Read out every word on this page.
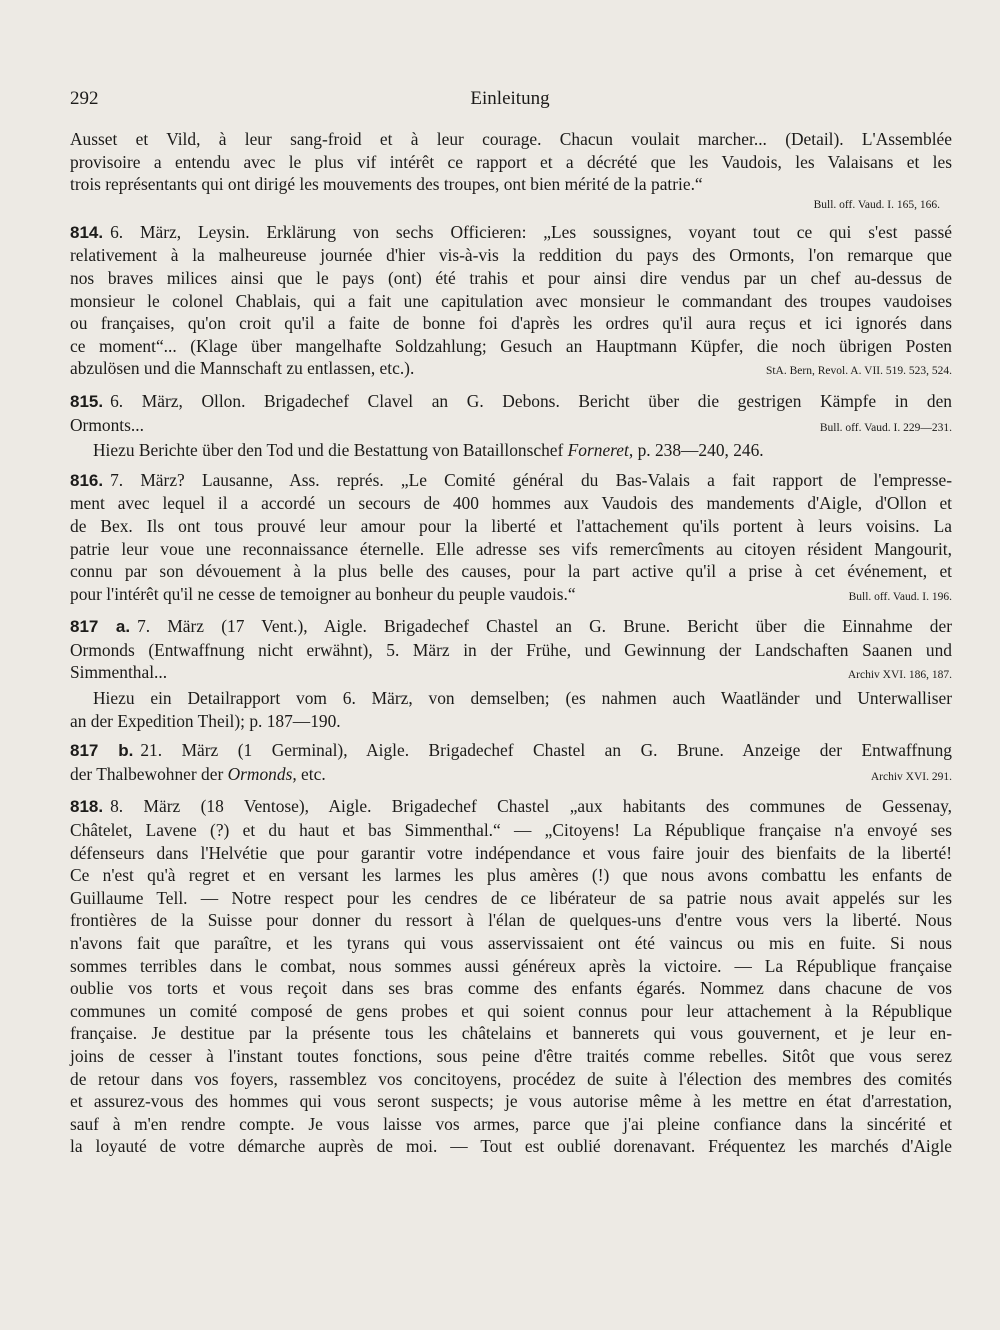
292	Einleitung
Ausset et Vild, à leur sang-froid et à leur courage. Chacun voulait marcher... (Detail). L'Assemblée
provisoire a entendu avec le plus vif intérêt ce rapport et a décrété que les Vaudois, les Valaisans et les
trois représentants qui ont dirigé les mouvements des troupes, ont bien mérité de la patrie.“
Bull. off. Vaud. I. 165, 166.
814. 6. März, Leysin. Erklärung von sechs Officieren: „Les soussignes, voyant tout ce qui s'est passé
relativement à la malheureuse journée d'hier vis-à-vis la reddition du pays des Ormonts, l'on remarque que
nos braves milices ainsi que le pays (ont) été trahis et pour ainsi dire vendus par un chef au-dessus de
monsieur le colonel Chablais, qui a fait une capitulation avec monsieur le commandant des troupes vaudoises
ou françaises, qu'on croit qu'il a faite de bonne foi d'après les ordres qu'il aura reçus et ici ignorés dans
ce moment“... (Klage über mangelhafte Soldzahlung; Gesuch an Hauptmann Küpfer, die noch übrigen Posten
abzulösen und die Mannschaft zu entlassen, etc.).	StA. Bern, Revol. A. VII. 519. 523, 524.
815. 6. März, Ollon. Brigadechef Clavel an G. Debons. Bericht über die gestrigen Kämpfe in den
Ormonts...	Bull. off. Vaud. I. 229—231.
Hiezu Berichte über den Tod und die Bestattung von Bataillonschef Forneret, p. 238—240, 246.
816. 7. März? Lausanne, Ass. représ. „Le Comité général du Bas-Valais a fait rapport de l'empresse-
ment avec lequel il a accordé un secours de 400 hommes aux Vaudois des mandements d'Aigle, d'Ollon et
de Bex. Ils ont tous prouvé leur amour pour la liberté et l'attachement qu'ils portent à leurs voisins. La
patrie leur voue une reconnaissance éternelle. Elle adresse ses vifs remercîments au citoyen résident Mangourit,
connu par son dévouement à la plus belle des causes, pour la part active qu'il a prise à cet événement, et
pour l'intérêt qu'il ne cesse de temoigner au bonheur du peuple vaudois.“	Bull. off. Vaud. I. 196.
817 a. 7. März (17 Vent.), Aigle. Brigadechef Chastel an G. Brune. Bericht über die Einnahme der
Ormonds (Entwaffnung nicht erwähnt), 5. März in der Frühe, und Gewinnung der Landschaften Saanen und
Simmenthal...	Archiv XVI. 186, 187.
Hiezu ein Detailrapport vom 6. März, von demselben; (es nahmen auch Waatländer und Unterwalliser
an der Expedition Theil); p. 187—190.
817 b. 21. März (1 Germinal), Aigle. Brigadechef Chastel an G. Brune. Anzeige der Entwaffnung
der Thalbewohner der Ormonds, etc.	Archiv XVI. 291.
818. 8. März (18 Ventose), Aigle. Brigadechef Chastel „aux habitants des communes de Gessenay,
Châtelet, Lavene (?) et du haut et bas Simmenthal.“ — „Citoyens! La République française n'a envoyé ses
défenseurs dans l'Helvétie que pour garantir votre indépendance et vous faire jouir des bienfaits de la liberté!
Ce n'est qu'à regret et en versant les larmes les plus amères (!) que nous avons combattu les enfants de
Guillaume Tell. — Notre respect pour les cendres de ce libérateur de sa patrie nous avait appelés sur les
frontières de la Suisse pour donner du ressort à l'élan de quelques-uns d'entre vous vers la liberté. Nous
n'avons fait que paraître, et les tyrans qui vous asservissaient ont été vaincus ou mis en fuite. Si nous
sommes terribles dans le combat, nous sommes aussi généreux après la victoire. — La République française
oublie vos torts et vous reçoit dans ses bras comme des enfants égarés. Nommez dans chacune de vos
communes un comité composé de gens probes et qui soient connus pour leur attachement à la République
française. Je destitue par la présente tous les châtelains et bannerets qui vous gouvernent, et je leur en-
joins de cesser à l'instant toutes fonctions, sous peine d'être traités comme rebelles. Sitôt que vous serez
de retour dans vos foyers, rassemblez vos concitoyens, procédez de suite à l'élection des membres des comités
et assurez-vous des hommes qui vous seront suspects; je vous autorise même à les mettre en état d'arrestation,
sauf à m'en rendre compte. Je vous laisse vos armes, parce que j'ai pleine confiance dans la sincérité et
la loyauté de votre démarche auprès de moi. — Tout est oublié dorenavant. Fréquentez les marchés d'Aigle
